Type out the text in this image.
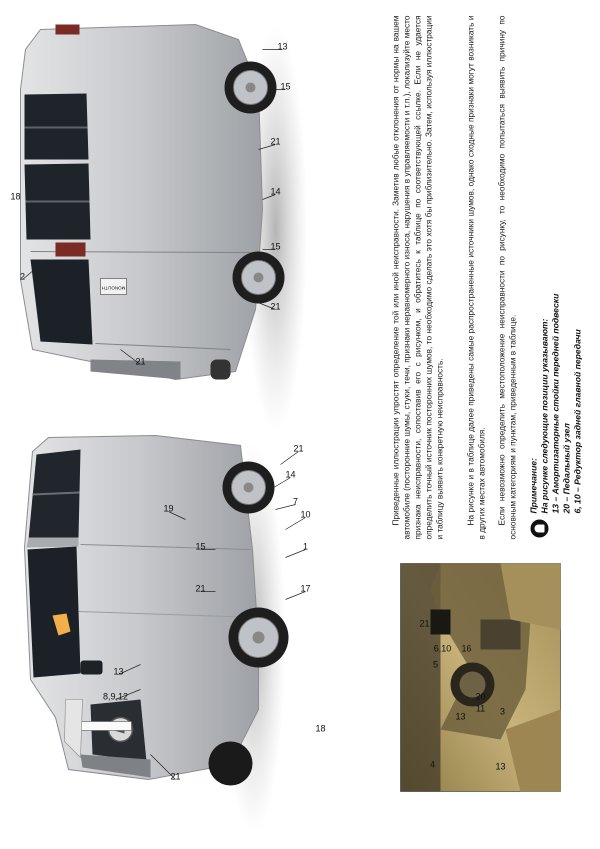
MONOLITH
21
8,9,12
13
18
17
1
10
21
14
7
15
21
19
21
2
21
18
15
14
21
15
13
21
4	13
3
13
16
5
6,10
20
11

Приведенные иллюстрации упростят определение той или иной неисправности. Заметив любые отклонения от нормы на вашем автомобиле (посторонние шумы, стуки, течи, признаки неравномерного износа, нарушения в управляемости и т.п.), локализуйте место признака неисправности, сопоставив его с рисунком, и обратитесь к таблице по соответствующей ссылке. Если не удается определить точный источник посторонних шумов, то необходимо сделать это хотя бы приблизительно. Затем, используя иллюстрации и таблицу выявить конкретную неисправность.	На рисунке и в таблице далее приведены самые распространенные источники шумов, однако сходные признаки могут возникать и в других местах автомобиля. Если невозможно определить местоположение неисправности по рисунку, то необходимо попытаться выявить причину по основным категориям и пунктам, приведенным в таблице. Примечание: На рисунке следующие позиции указывают: 13 – Амортизаторные стойки передней подвески 20 – Педальный узел 6, 10 – Редуктор задней главной передачи
